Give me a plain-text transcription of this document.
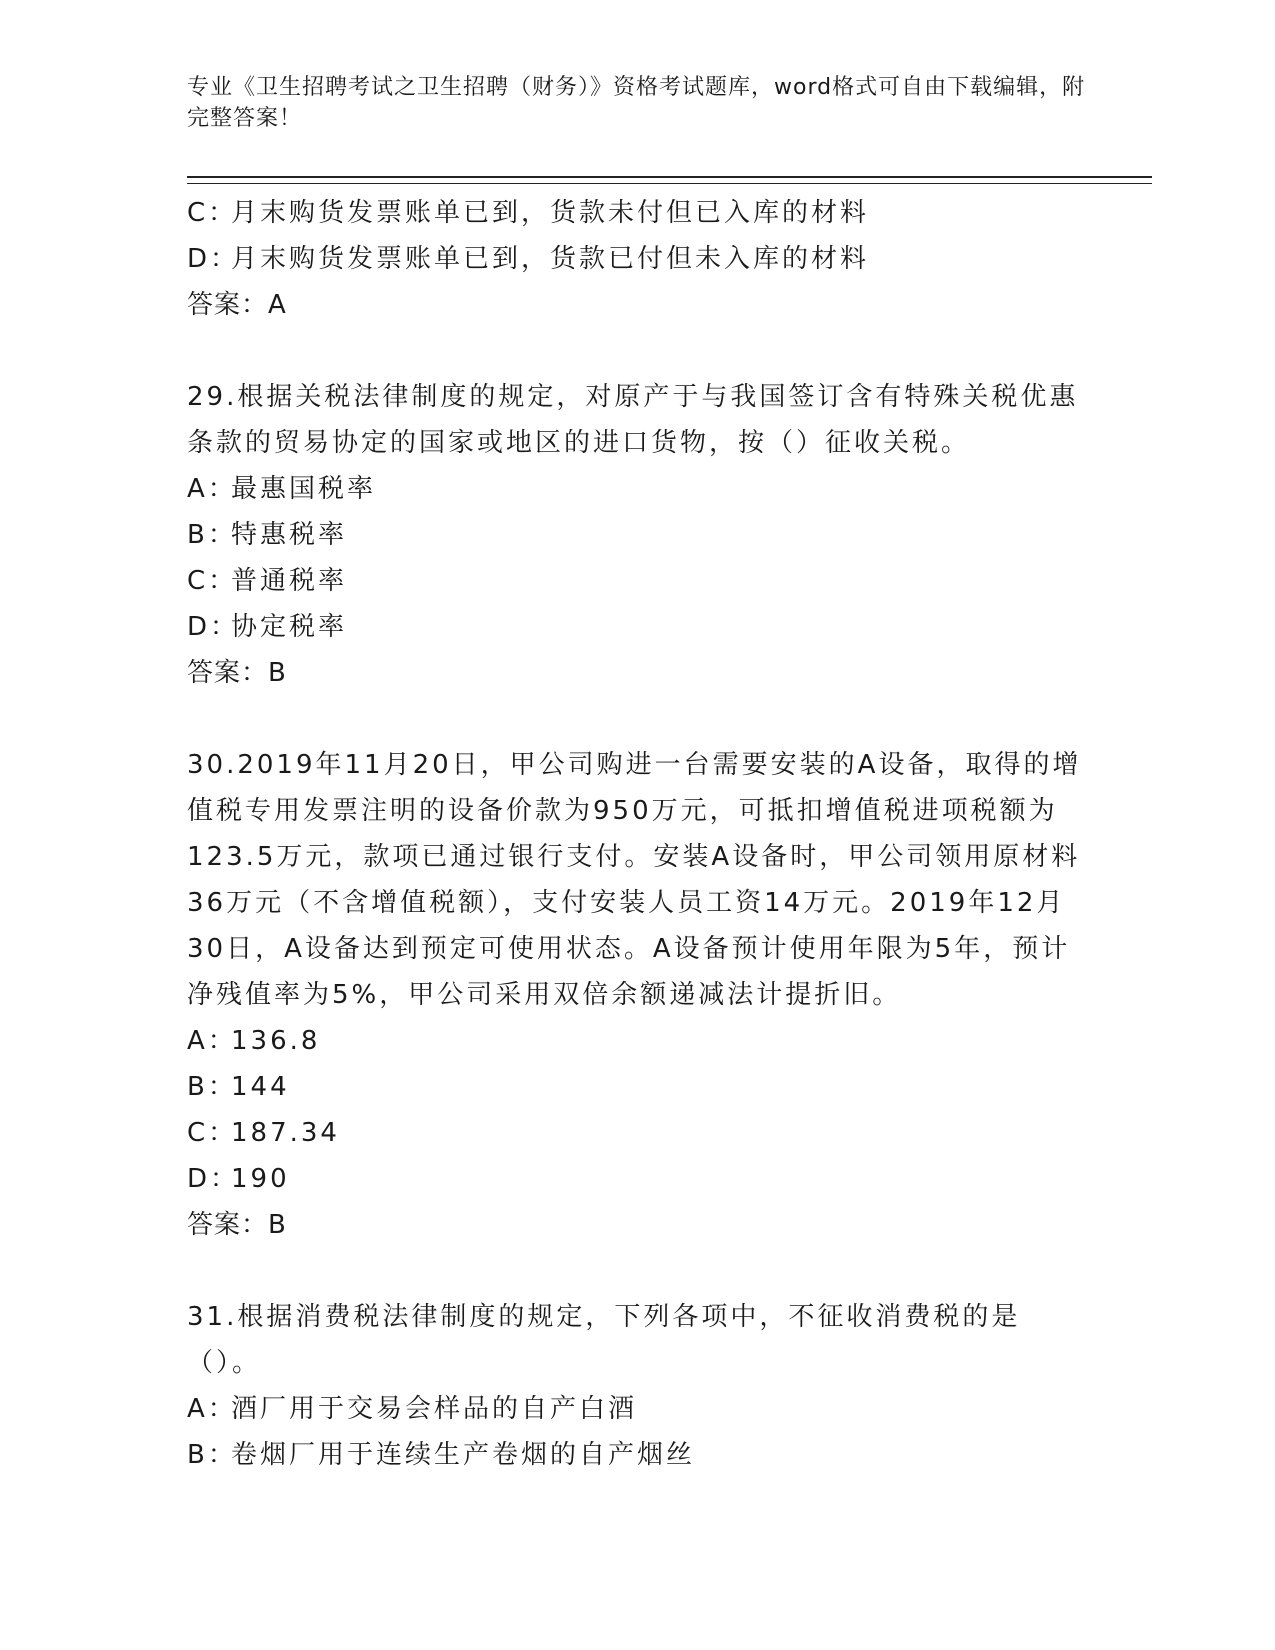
专业《卫生招聘考试之卫生招聘（财务）》资格考试题库，word格式可自由下载编辑，附完整答案！
C：月末购货发票账单已到，货款未付但已入库的材料
D：月末购货发票账单已到，货款已付但未入库的材料
答案：A
29.根据关税法律制度的规定，对原产于与我国签订含有特殊关税优惠条款的贸易协定的国家或地区的进口货物，按（）征收关税。
A：最惠国税率
B：特惠税率
C：普通税率
D：协定税率
答案：B
30.2019年11月20日，甲公司购进一台需要安装的A设备，取得的增值税专用发票注明的设备价款为950万元，可抵扣增值税进项税额为123.5万元，款项已通过银行支付。安装A设备时，甲公司领用原材料36万元（不含增值税额），支付安装人员工资14万元。2019年12月30日，A设备达到预定可使用状态。A设备预计使用年限为5年，预计净残值率为5%，甲公司采用双倍余额递减法计提折旧。
A：136.8
B：144
C：187.34
D：190
答案：B
31.根据消费税法律制度的规定，下列各项中，不征收消费税的是（）。
A：酒厂用于交易会样品的自产白酒
B：卷烟厂用于连续生产卷烟的自产烟丝
